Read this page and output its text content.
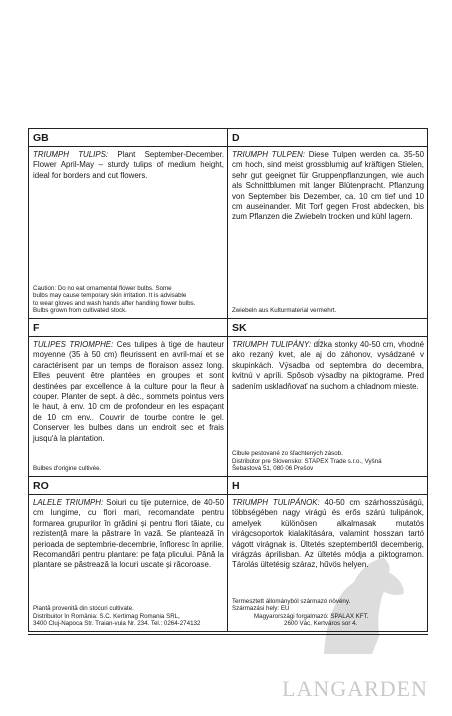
GB
TRIUMPH TULIPS: Plant September-December. Flower April-May – sturdy tulips of medium height, ideal for borders and cut flowers.
Caution: Do no eat ornamental flower bulbs. Some
bulbs may cause temporary skin irritation. It is advisable
to wear gloves and wash hands after handling flower bulbs.
Bulbs grown from cultivated stock.
D
TRIUMPH TULPEN: Diese Tulpen werden ca. 35-50 cm hoch, sind meist grossblumig auf kräftigen Stielen, sehr gut geeignet für Gruppenpflanzungen, wie auch als Schnittblumen mit langer Blütenpracht. Pflanzung von September bis Dezember, ca. 10 cm tief und 10 cm auseinander. Mit Torf gegen Frost abdecken, bis zum Pflanzen die Zwiebeln trocken und kühl lagern.
Zwiebeln aus Kulturmaterial vermehrt.
F
TULIPES TRIOMPHE: Ces tulipes à tige de hauteur moyenne (35 à 50 cm) fleurissent en avril-mai et se caractérisent par un temps de floraison assez long. Elles peuvent être plantées en groupes et sont destinées par excellence à la culture pour la fleur à couper. Planter de sept. à déc., sommets pointus vers le haut, à env. 10 cm de profondeur en les espaçant de 10 cm env.. Couvrir de tourbe contre le gel. Conserver les bulbes dans un endroit sec et frais jusqu'à la plantation.
Bulbes d'origine cultivée.
SK
TRIUMPH TULIPÁNY: dĺžka stonky 40-50 cm, vhodné ako rezaný kvet, ale aj do záhonov, vysádzané v skupinkách. Výsadba od septembra do decembra, kvitnú v apríli. Spôsob výsadby na piktograme. Pred sadením uskladňovať na suchom a chladnom mieste.
Cibule pestované zo šľachtených zásob.
Distribútor pre Slovensko: STAPEX Trade s.r.o., Vyšná
Šebastová 51, 080 06 Prešov
RO
LALELE TRIUMPH: Soiuri cu tije puternice, de 40-50 cm lungime, cu flori mari, recomandate pentru formarea grupurilor în grădini și pentru flori tăiate, cu rezistență mare la păstrare în vază. Se plantează în perioada de septembrie-decembrie, înfloresc în aprilie. Recomandări pentru plantare: pe fața plicului. Până la plantare se păstrează la locuri uscate și răcoroase.
Plantă provenită din stocuri cultivate.
Distribuitor în România: S.C. Kertimag Romania SRL,
3400 Cluj-Napoca Str. Traian-vuia Nr. 234. Tel.: 0264-274132
H
TRIUMPH TULIPÁNOK: 40-50 cm szárhosszúságú, többségében nagy virágú és erős szárú tulipánok, amelyek különösen alkalmasak mutatós virágcsoportok kialakítására, valamint hosszan tartó vágott virágnak is. Ültetés szeptembertől decemberig, virágzás áprilisban. Az ültetés módja a piktogramon. Tárolás ültetésig száraz, hűvös helyen.
Termesztett állományból származó növény.
Származási hely: EU
Magyarországi forgalmazó: SPALAX KFT.
2600 Vác, Kertváros sor 4.
LANGARDEN
